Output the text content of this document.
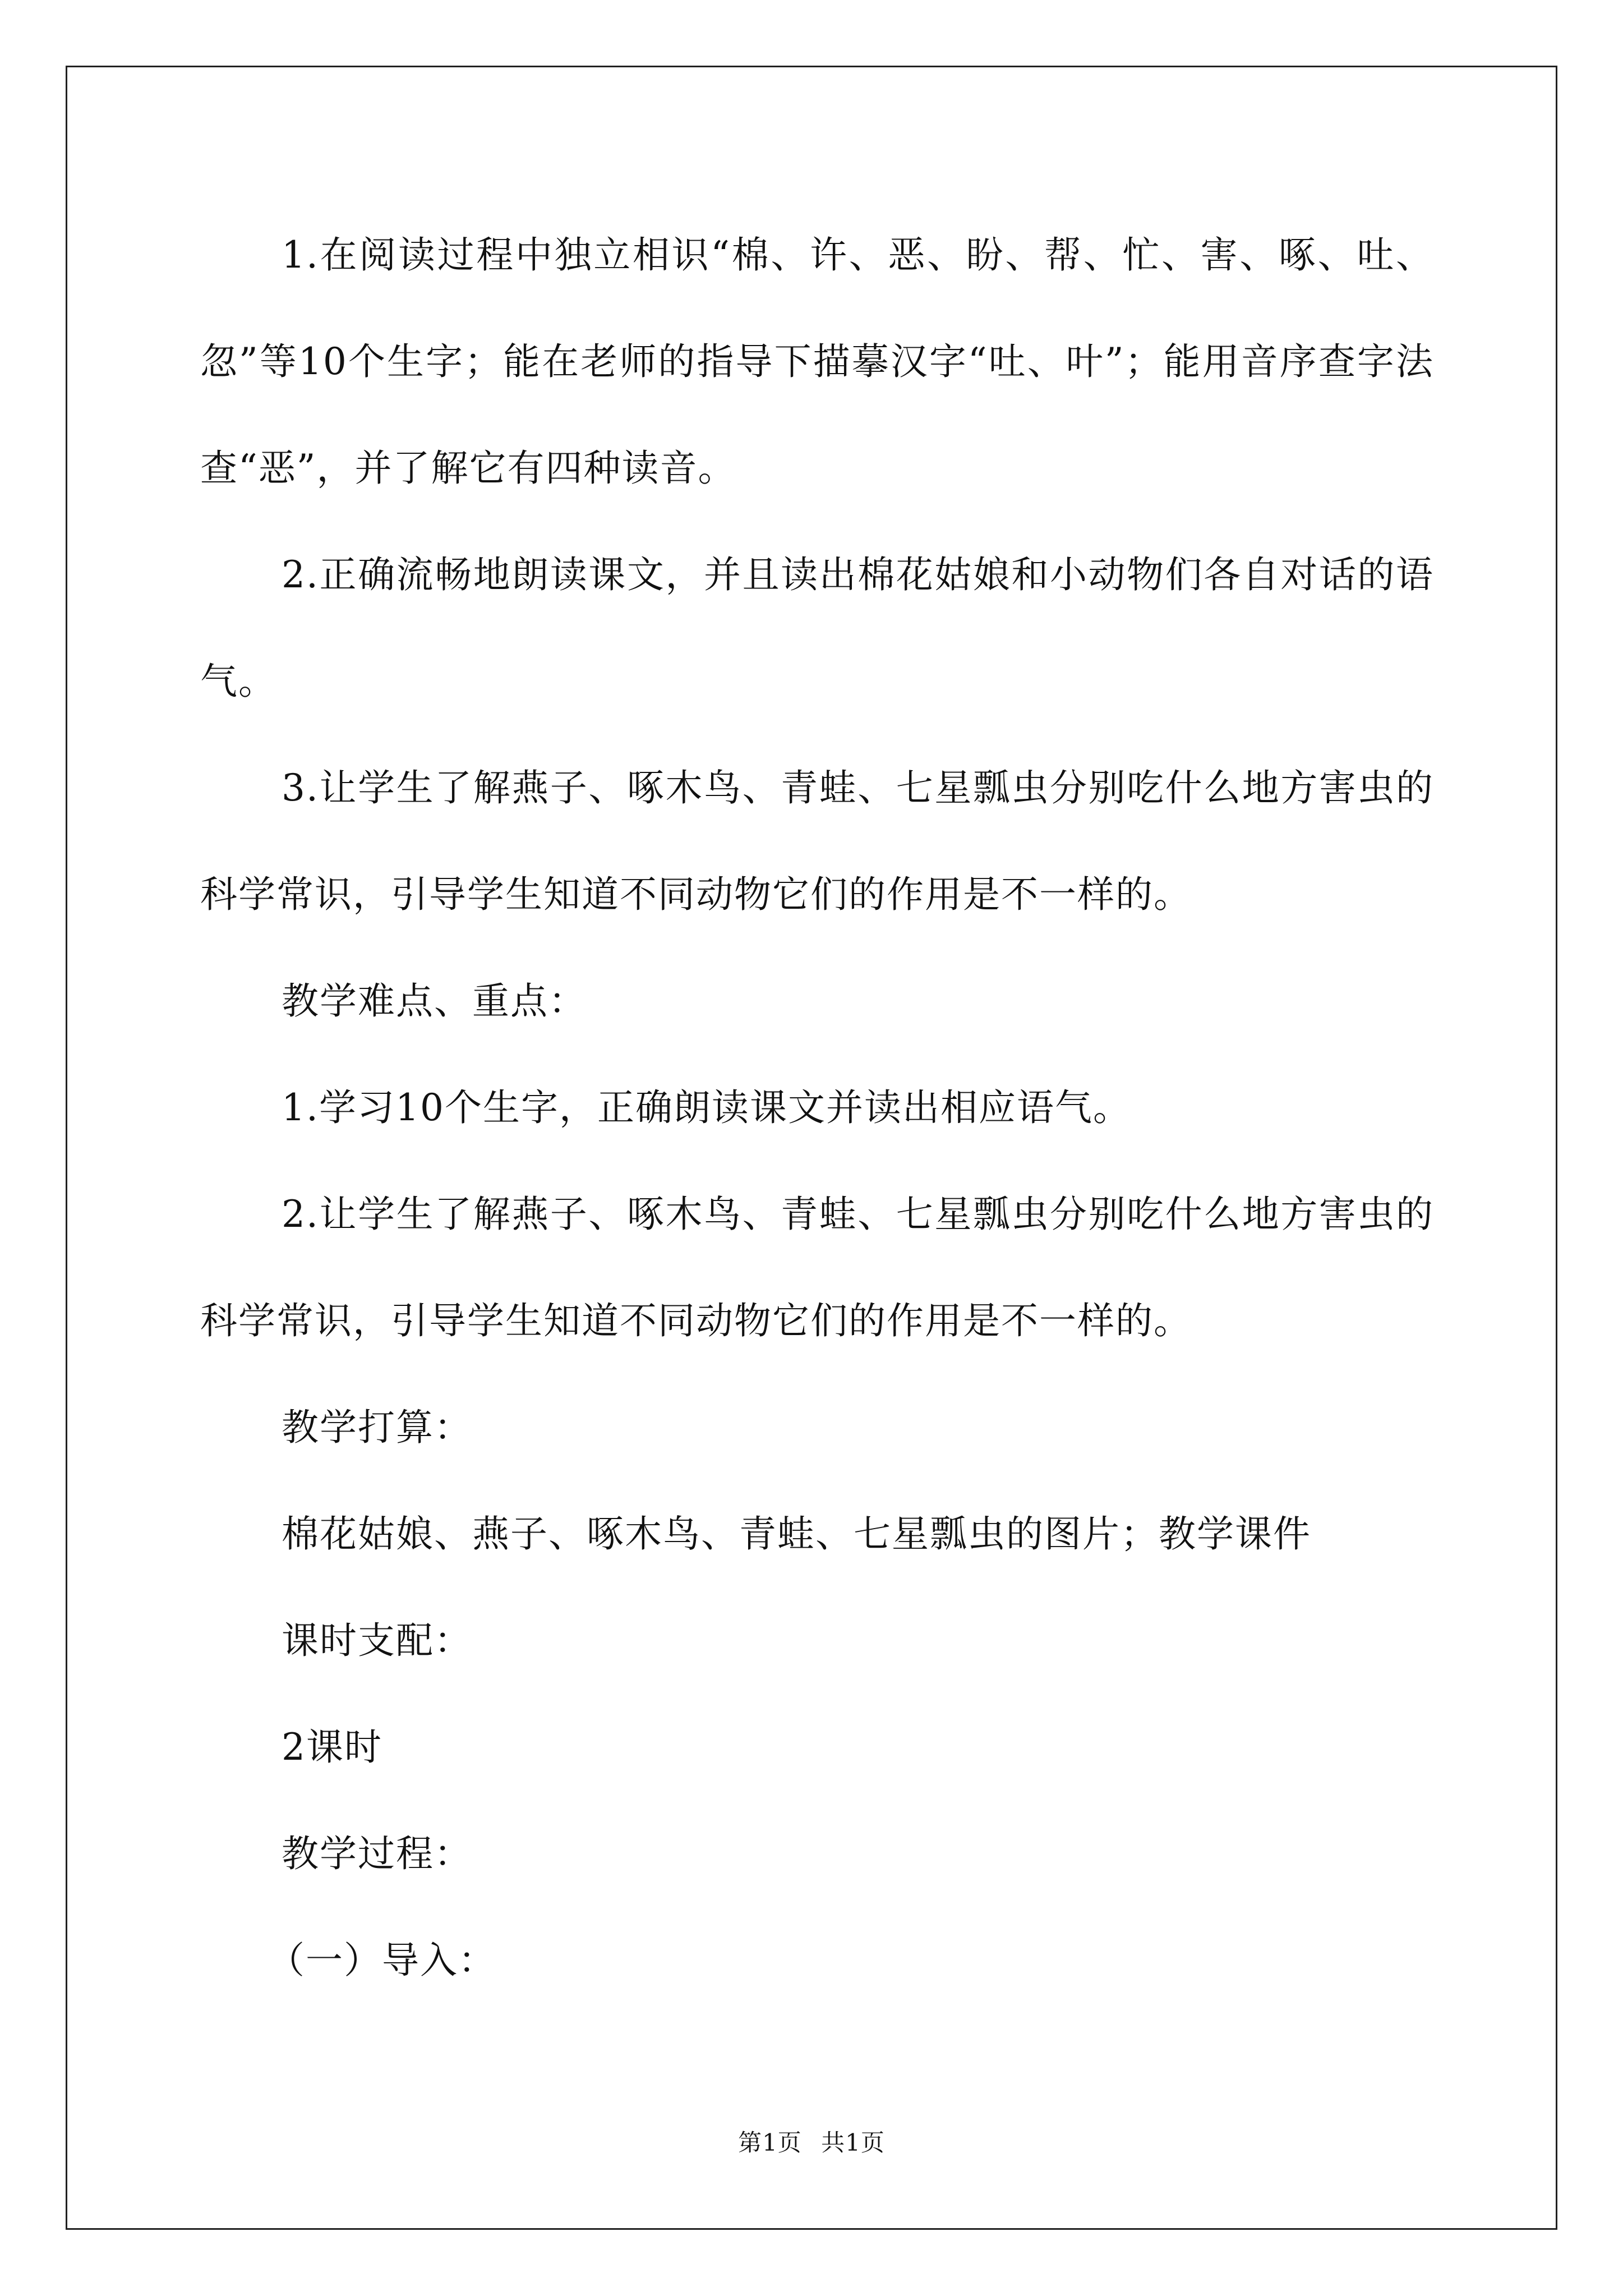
1.在阅读过程中独立相识“棉、许、恶、盼、帮、忙、害、啄、吐、忽”等10个生字；能在老师的指导下描摹汉字“吐、叶”；能用音序查字法查“恶”，并了解它有四种读音。

2.正确流畅地朗读课文，并且读出棉花姑娘和小动物们各自对话的语气。

3.让学生了解燕子、啄木鸟、青蛙、七星瓢虫分别吃什么地方害虫的科学常识，引导学生知道不同动物它们的作用是不一样的。

教学难点、重点：

1.学习10个生字，正确朗读课文并读出相应语气。

2.让学生了解燕子、啄木鸟、青蛙、七星瓢虫分别吃什么地方害虫的科学常识，引导学生知道不同动物它们的作用是不一样的。

教学打算：

棉花姑娘、燕子、啄木鸟、青蛙、七星瓢虫的图片；教学课件

课时支配：

2课时

教学过程：

（一）导入：

第1页 共1页
